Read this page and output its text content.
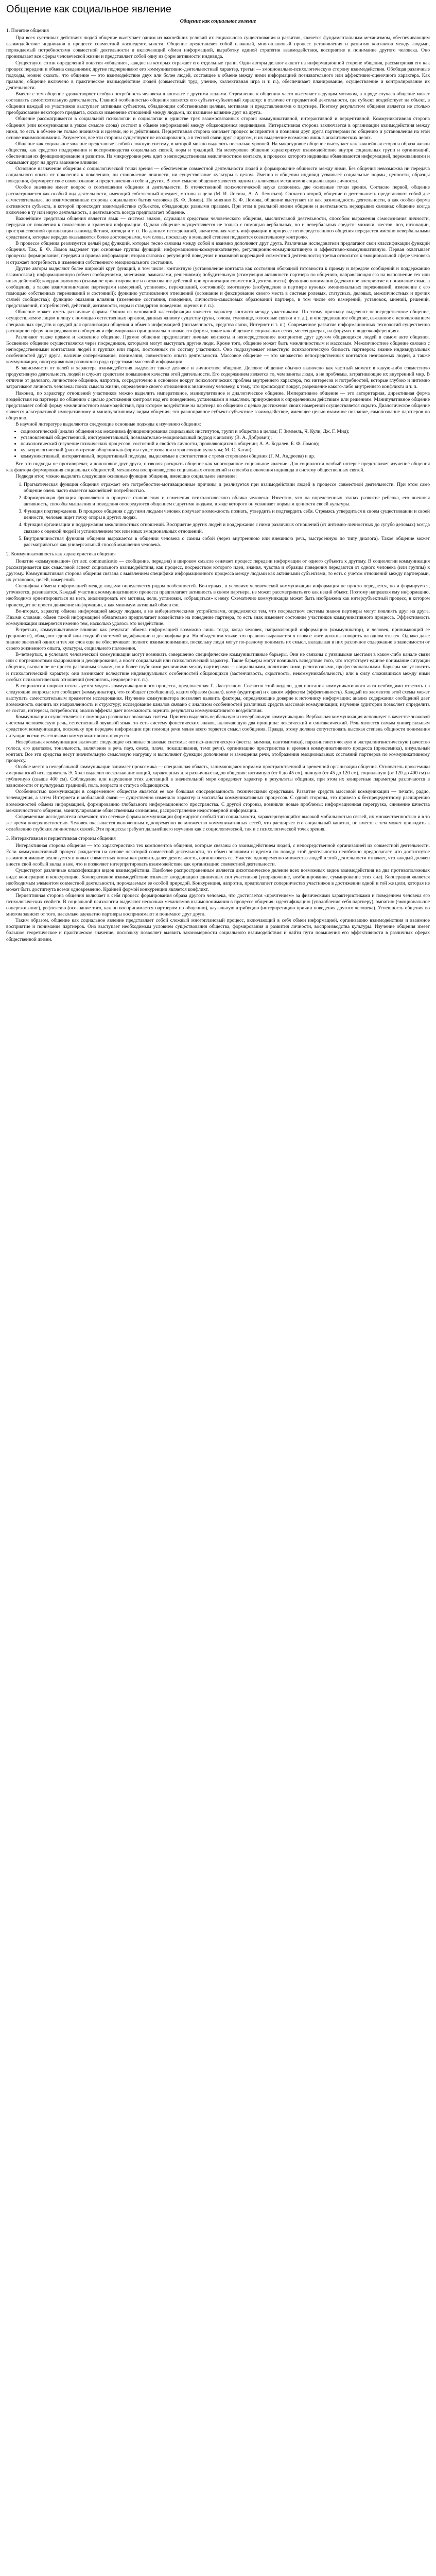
Общение как социальное явление
Общение как социальное явление
1. Понятие общения

При всех суетливых действиях людей общение выступает одним из важнейших условий их социального существования и развития, является фундаментальным механизмом, обеспечивающим взаимодействие индивидов в процессе совместной жизнедеятельности. Общение представляет собой сложный, многоплановый процесс установления и развития контактов между людьми, порождаемый потребностями совместной деятельности и включающий обмен информацией, выработку единой стратегии взаимодействия, восприятие и понимание другого человека. Оно пронизывает все сферы человеческой жизни и представляет собой одну из форм активности индивида.

Существуют сотни определений понятия «общение», каждое из которых отражает его отдельные грани. Одни авторы делают акцент на информационной стороне общения, рассматривая его как процесс передачи и обмена сведениями; другие подчеркивают его коммуникативно-деятельностный характер, третьи — эмоционально-психологическую сторону взаимодействия. Обобщая различные подходы, можно сказать, что общение — это взаимодействие двух или более людей, состоящее в обмене между ними информацией познавательного или аффективно-оценочного характера. Как правило, общение включено в практическое взаимодействие людей (совместный труд, учение, коллективная игра и т. п.), обеспечивает планирование, осуществление и контролирование их деятельности.

Вместе с тем общение удовлетворяет особую потребность человека в контакте с другими людьми. Стремление к общению часто выступает ведущим мотивом, а в ряде случаев общение может составлять самостоятельную деятельность. Главной особенностью общения является его субъект-субъектный характер: в отличие от предметной деятельности, где субъект воздействует на объект, в общении каждый из участников выступает активным субъектом, обладающим собственными целями, мотивами и представлениями о партнере. Поэтому результатом общения является не столько преобразование некоторого предмета, сколько изменение отношений между людьми, их взаимное влияние друг на друга.

Общение рассматривается в социальной психологии и социологии в единстве трех взаимосвязанных сторон: коммуникативной, интерактивной и перцептивной. Коммуникативная сторона общения (или коммуникация в узком смысле слова) состоит в обмене информацией между общающимися индивидами. Интерактивная сторона заключается в организации взаимодействия между ними, то есть в обмене не только знаниями и идеями, но и действиями. Перцептивная сторона означает процесс восприятия и познания друг друга партнерами по общению и установления на этой основе взаимопонимания. Разумеется, все эти стороны существуют не изолированно, а в тесной связи друг с другом, и их выделение возможно лишь в аналитических целях.

Общение как социальное явление представляет собой сложную систему, в которой можно выделить несколько уровней. На макроуровне общение выступает как важнейшая сторона образа жизни общества, как средство поддержания и воспроизводства социальных связей, норм и традиций. На мезоуровне общение характеризует взаимодействие внутри социальных групп и организаций, обеспечивая их функционирование и развитие. На микроуровне речь идет о непосредственном межличностном контакте, в процессе которого индивиды обмениваются информацией, переживаниями и оказывают друг на друга взаимное влияние.

Основное назначение общения с социологической точки зрения — обеспечение совместной деятельности людей и формирование общности между ними. Без общения невозможна ни передача социального опыта от поколения к поколению, ни становление личности, ни существование культуры в целом. Именно в общении индивид усваивает социальные нормы, ценности, образцы поведения, формирует свое самосознание и представления о себе и других. В этом смысле общение является одним из ключевых механизмов социализации личности.

Особое значение имеет вопрос о соотношении общения и деятельности. В отечественной психологической науке сложились две основные точки зрения. Согласно первой, общение рассматривается как особый вид деятельности, имеющий собственный предмет, мотивы и цели (М. И. Лисина, А. А. Леонтьев). Согласно второй, общение и деятельность представляют собой две самостоятельные, но взаимосвязанные стороны социального бытия человека (Б. Ф. Ломов). По мнению Б. Ф. Ломова, общение выступает не как разновидность деятельности, а как особая форма активности субъекта, в которой происходит взаимодействие субъектов, обладающих равными правами. При этом в реальной жизни общение и деятельность неразрывно связаны: общение всегда включено в ту или иную деятельность, а деятельность всегда предполагает общение.

Важнейшим средством общения является язык — система знаков, служащая средством человеческого общения, мыслительной деятельности, способом выражения самосознания личности, передачи от поколения к поколению и хранения информации. Однако общение осуществляется не только с помощью вербальных, но и невербальных средств: мимики, жестов, поз, интонации, пространственной организации взаимодействия, взгляда и т. п. По данным исследований, значительная часть информации в процессе непосредственного общения передается именно невербальными средствами, которые нередко оказываются более достоверными, чем слова, поскольку в меньшей степени поддаются сознательному контролю.

В процессе общения реализуется целый ряд функций, которые тесно связаны между собой и взаимно дополняют друг друга. Различные исследователи предлагают свои классификации функций общения. Так, Б. Ф. Ломов выделяет три основные группы функций: информационно-коммуникативную, регуляционно-коммуникативную и аффективно-коммуникативную. Первая охватывает процессы формирования, передачи и приема информации; вторая связана с регуляцией поведения и взаимной коррекцией совместной деятельности; третья относится к эмоциональной сфере человека и отражает потребность в изменении собственного эмоционального состояния.

Другие авторы выделяют более широкий круг функций, в том числе: контактную (установление контакта как состояния обоюдной готовности к приему и передаче сообщений и поддержанию взаимосвязи); информационную (обмен сообщениями, мнениями, замыслами, решениями); побудительную (стимуляция активности партнера по общению, направляющая его на выполнение тех или иных действий); координационную (взаимное ориентирование и согласование действий при организации совместной деятельности); функцию понимания (адекватное восприятие и понимание смысла сообщения, а также взаимопонимание партнерами намерений, установок, переживаний, состояний); эмотивную (возбуждение в партнере нужных эмоциональных переживаний, изменение с его помощью собственных переживаний и состояний); функцию установления отношений (осознание и фиксирование своего места в системе ролевых, статусных, деловых, межличностных и прочих связей сообщества); функцию оказания влияния (изменение состояния, поведения, личностно-смысловых образований партнера, в том числе его намерений, установок, мнений, решений, представлений, потребностей, действий, активности, норм и стандартов поведения, оценок и т. п.).

Общение может иметь различные формы. Одним из оснований классификации является характер контакта между участниками. По этому признаку выделяют непосредственное общение, осуществляемое лицом к лицу с помощью естественных органов, данных живому существу (руки, голова, туловище, голосовые связки и т. д.), и опосредованное общение, связанное с использованием специальных средств и орудий для организации общения и обмена информацией (письменность, средства связи, Интернет и т. п.). Современное развитие информационных технологий существенно расширило сферу опосредованного общения и сформировало принципиально новые его формы, такие как общение в социальных сетях, мессенджерах, на форумах и видеоконференциях.

Различают также прямое и косвенное общение. Прямое общение предполагает личные контакты и непосредственное восприятие друг другом общающихся людей в самом акте общения. Косвенное общение осуществляется через посредников, которыми могут выступать другие люди. Кроме того, общение может быть межличностным и массовым. Межличностное общение связано с непосредственными контактами людей в группах или парах, постоянных по составу участников. Оно подразумевает известную психологическую близость партнеров: знание индивидуальных особенностей друг друга, наличие сопереживания, понимания, совместного опыта деятельности. Массовое общение — это множество непосредственных контактов незнакомых людей, а также коммуникация, опосредованная различного рода средствами массовой информации.

В зависимости от целей и характера взаимодействия выделяют также деловое и личностное общение. Деловое общение обычно включено как частный момент в какую-либо совместную продуктивную деятельность людей и служит средством повышения качества этой деятельности. Его содержанием является то, чем заняты люди, а не проблемы, затрагивающие их внутренний мир. В отличие от делового, личностное общение, напротив, сосредоточено в основном вокруг психологических проблем внутреннего характера, тех интересов и потребностей, которые глубоко и интимно затрагивают личность человека: поиск смысла жизни, определение своего отношения к значимому человеку, к тому, что происходит вокруг, разрешение какого-либо внутреннего конфликта и т. п.

Наконец, по характеру отношений участников можно выделить императивное, манипулятивное и диалогическое общение. Императивное общение — это авторитарная, директивная форма воздействия на партнера по общению с целью достижения контроля над его поведением, установками и мыслями, принуждения к определенным действиям или решениям. Манипулятивное общение представляет собой форму межличностного взаимодействия, при котором воздействие на партнера по общению с целью достижения своих намерений осуществляется скрыто. Диалогическое общение является альтернативой императивному и манипулятивному видам общения; это равноправное субъект-субъектное взаимодействие, имеющее целью взаимное познание, самопознание партнеров по общению.

В научной литературе выделяются следующие основные подходы к изучению общения:

• социологический (анализ общения как механизма функционирования социальных институтов, групп и общества в целом; Г. Зиммель, Ч. Кули, Дж. Г. Мид);
• установленный общественный, инструментальный, познавательно-эмоциональный подход к анализу (В. А. Добрович);
• психологический (изучение психических процессов, состояний и свойств личности, проявляющихся в общении; А. А. Бодалев, Б. Ф. Ломов);
• культурологический (рассмотрение общения как формы существования и трансляции культуры; М. С. Каган);
• коммуникативный, интерактивный, перцептивный подходы, выделяемые в соответствии с тремя сторонами общения (Г. М. Андреева) и др.

Все эти подходы не противоречат, а дополняют друг друга, позволяя раскрыть общение как многогранное социальное явление. Для социологии особый интерес представляет изучение общения как фактора формирования социальных общностей, механизма воспроизводства социальных отношений и способа включения индивида в систему общественных связей.

Подводя итог, можно выделить следующие основные функции общения, имеющие социальное значение:

1. Прагматическая функция общения отражает его потребностно-мотивационные причины и реализуется при взаимодействии людей в процессе совместной деятельности. При этом само общение очень часто является важнейшей потребностью.
2. Формирующая функция проявляется в процессе становления и изменения психологического облика человека. Известно, что на определенных этапах развитие ребенка, его внешняя активность, способы мышления и поведения опосредуются общением с другими людьми, в ходе которого он усваивает нормы и ценности своей культуры.
3. Функция подтверждения. В процессе общения с другими людьми человек получает возможность познать, утвердить и подтвердить себя. Стремясь утвердиться в своем существовании и своей ценности, человек ищет точку опоры в других людях.
4. Функция организации и поддержания межличностных отношений. Восприятие других людей и поддержание с ними различных отношений (от интимно-личностных до сугубо деловых) всегда связано с оценкой людей и установлением тех или иных эмоциональных отношений.
5. Внутриличностная функция общения выражается в общении человека с самим собой (через внутреннюю или внешнюю речь, выстроенную по типу диалога). Такое общение может рассматриваться как универсальный способ мышления человека.
2. Коммуникативность как характеристика общения

Понятие «коммуникация» (от лат. communicatio — сообщение, передача) в широком смысле означает процесс передачи информации от одного субъекта к другому. В социологии коммуникация рассматривается как смысловой аспект социального взаимодействия, как процесс, посредством которого идеи, знания, чувства и образцы поведения передаются от одного человека (или группы) к другому. Коммуникативная сторона общения связана с выявлением специфики информационного процесса между людьми как активными субъектами, то есть с учетом отношений между партнерами, их установок, целей, намерений.

Специфика обмена информацией между людьми определяется рядом особенностей. Во-первых, в условиях человеческой коммуникации информация не просто передается, но и формируется, уточняется, развивается. Каждый участник коммуникативного процесса предполагает активность в своем партнере, не может рассматривать его как некий объект. Поэтому направляя ему информацию, необходимо ориентироваться на него, анализировать его мотивы, цели, установки, «обращаться» к нему. Схематично коммуникация может быть изображена как интерсубъектный процесс, в котором происходит не просто движение информации, а как минимум активный обмен ею.

Во-вторых, характер обмена информацией между людьми, а не кибернетическими устройствами, определяется тем, что посредством системы знаков партнеры могут повлиять друг на друга. Иными словами, обмен такой информацией обязательно предполагает воздействие на поведение партнера, то есть знак изменяет состояние участников коммуникативного процесса. Эффективность коммуникации измеряется именно тем, насколько удалось это воздействие.

В-третьих, коммуникативное влияние как результат обмена информацией возможно лишь тогда, когда человек, направляющий информацию (коммуникатор), и человек, принимающий ее (реципиент), обладают единой или сходной системой кодификации и декодификации. На обыденном языке это правило выражается в словах: «все должны говорить на одном языке». Однако даже знание значений одних и тех же слов еще не обеспечивает полного взаимопонимания, поскольку люди могут по-разному понимать их смысл, вкладывая в них различное содержание в зависимости от своего жизненного опыта, культуры, социального положения.

В-четвертых, в условиях человеческой коммуникации могут возникать совершенно специфические коммуникативные барьеры. Они не связаны с уязвимыми местами в каком-либо канале связи или с погрешностями кодирования и декодирования, а носят социальный или психологический характер. Такие барьеры могут возникать вследствие того, что отсутствует единое понимание ситуации общения, вызванное не просто различным языком, но и более глубокими различиями между партнерами — социальными, политическими, религиозными, профессиональными. Барьеры могут носить и психологический характер: они возникают вследствие индивидуальных особенностей общающихся (застенчивость, скрытность, некоммуникабельность) или в силу сложившихся между ними особых психологических отношений (неприязнь, недоверие и т. п.).

В социологии широко используется модель коммуникационного процесса, предложенная Г. Лассуэллом. Согласно этой модели, для описания коммуникативного акта необходимо ответить на следующие вопросы: кто сообщает (коммуникатор), что сообщает (сообщение), каким образом (канал), кому (аудитория) и с каким эффектом (эффективность). Каждый из элементов этой схемы может выступать самостоятельным предметом исследования. Изучение коммуникатора позволяет выявить факторы, определяющие доверие к источнику информации; анализ содержания сообщений дает возможность оценить их направленность и структуру; исследование каналов связано с анализом особенностей различных средств массовой коммуникации; изучение аудитории позволяет определить ее состав, интересы, потребности; анализ эффекта дает возможность оценить результаты коммуникативного воздействия.

Коммуникация осуществляется с помощью различных знаковых систем. Принято выделять вербальную и невербальную коммуникацию. Вербальная коммуникация использует в качестве знаковой системы человеческую речь, естественный звуковой язык, то есть систему фонетических знаков, включающую два принципа: лексический и синтаксический. Речь является самым универсальным средством коммуникации, поскольку при передаче информации при помощи речи менее всего теряется смысл сообщения. Правда, этому должна сопутствовать высокая степень общности понимания ситуации всеми участниками коммуникативного процесса.

Невербальная коммуникация включает следующие основные знаковые системы: оптико-кинетическую (жесты, мимика, пантомимика), паралингвистическую и экстралингвистическую (качество голоса, его диапазон, тональность, включение в речь пауз, смеха, плача, покашливания, темп речи), организацию пространства и времени коммуникативного процесса (проксемика), визуальный контакт. Все эти средства несут значительную смысловую нагрузку и выполняют функции дополнения и замещения речи, отображения эмоциональных состояний партнеров по коммуникативному процессу.

Особое место в невербальной коммуникации занимает проксемика — специальная область, занимающаяся нормами пространственной и временной организации общения. Основатель проксемики американский исследователь Э. Холл выделил несколько дистанций, характерных для различных видов общения: интимную (от 0 до 45 см), личную (от 45 до 120 см), социальную (от 120 до 400 см) и публичную (свыше 400 см). Соблюдение или нарушение этих дистанций в значительной мере определяет характер и результаты общения, при этом их конкретные параметры различаются в зависимости от культурных традиций, пола, возраста и статуса общающихся.

Особенностью коммуникации в современном обществе является ее все большая опосредованность техническими средствами. Развитие средств массовой коммуникации — печати, радио, телевидения, а затем Интернета и мобильной связи — существенно изменило характер и масштабы коммуникативных процессов. С одной стороны, это привело к беспрецедентному расширению возможностей обмена информацией, формированию глобального информационного пространства. С другой стороны, возникли новые проблемы: информационная перегрузка, снижение качества межличностного общения, манипулирование общественным сознанием, распространение недостоверной информации.

Современные исследователи отмечают, что сетевые формы коммуникации формируют особый тип социальности, характеризующийся высокой мобильностью связей, их множественностью и в то же время поверхностностью. Человек оказывается включенным одновременно во множество коммуникативных сетей, что расширяет его социальный капитал, но вместе с тем может приводить к ослаблению глубоких личностных связей. Эти процессы требуют дальнейшего изучения как с социологической, так и с психологической точек зрения.

3. Интерактивная и перцептивная стороны общения

Интерактивная сторона общения — это характеристика тех компонентов общения, которые связаны со взаимодействием людей, с непосредственной организацией их совместной деятельности. Если коммуникативный процесс рождается на основе некоторой совместной деятельности, то обмен знаниями и идеями по поводу этой деятельности неизбежно предполагает, что достигнутое взаимопонимание реализуется в новых совместных попытках развить далее деятельность, организовать ее. Участие одновременно множества людей в этой деятельности означает, что каждый должен внести свой особый вклад в нее, что и позволяет интерпретировать взаимодействие как организацию совместной деятельности.

Существуют различные классификации видов взаимодействия. Наиболее распространенным является дихотомическое деление всех возможных видов взаимодействия на два противоположных вида: кооперацию и конкуренцию. Кооперативное взаимодействие означает координацию единичных сил участников (упорядочение, комбинирование, суммирование этих сил). Кооперация является необходимым элементом совместной деятельности, порождаемым ее особой природой. Конкуренция, напротив, предполагает соперничество участников в достижении одной и той же цели, которая не может быть достигнута всеми одновременно. Крайней формой конкуренции является конфликт.

Перцептивная сторона общения включает в себя процесс формирования образа другого человека, что достигается «прочтением» за физическими характеристиками и поведением человека его психологических свойств. В социальной психологии выделяют несколько механизмов взаимопонимания в процессе общения: идентификацию (уподобление себя партнеру), эмпатию (эмоциональное сопереживание), рефлексию (осознание того, как он воспринимается партнером по общению), каузальную атрибуцию (интерпретацию причин поведения другого человека). Успешность общения во многом зависит от того, насколько адекватно партнеры воспринимают и понимают друг друга.

Таким образом, общение как социальное явление представляет собой сложный многоплановый процесс, включающий в себя обмен информацией, организацию взаимодействия и взаимное восприятие и понимание партнеров. Оно выступает необходимым условием существования общества, формирования и развития личности, воспроизводства культуры. Изучение общения имеет большое теоретическое и практическое значение, поскольку позволяет выявить закономерности социального взаимодействия и найти пути повышения его эффективности в различных сферах общественной жизни.
